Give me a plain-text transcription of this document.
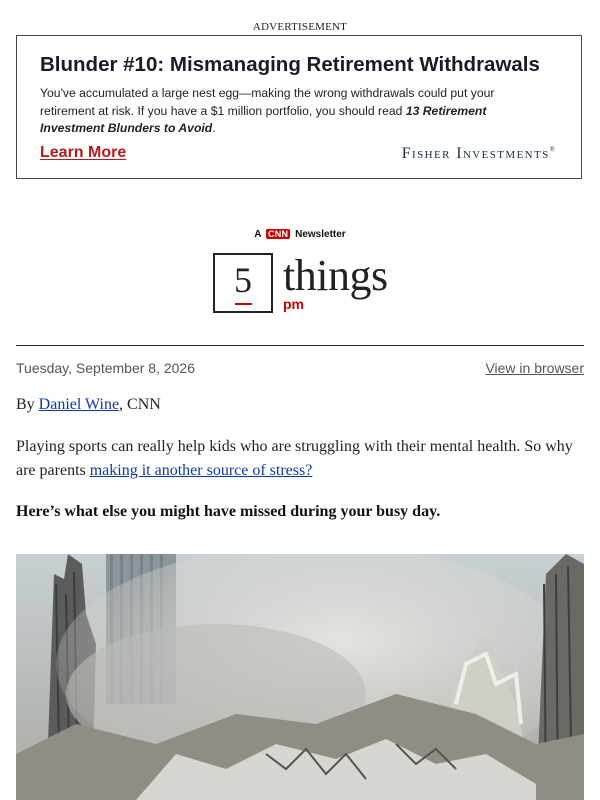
ADVERTISEMENT
Blunder #10: Mismanaging Retirement Withdrawals
You've accumulated a large nest egg—making the wrong withdrawals could put your retirement at risk. If you have a $1 million portfolio, you should read 13 Retirement Investment Blunders to Avoid.
Learn More	Fisher Investments®
A CNN Newsletter
5 things
pm
Tuesday, September 8, 2026	View in browser
By Daniel Wine, CNN
Playing sports can really help kids who are struggling with their mental health. So why are parents making it another source of stress?
Here’s what else you might have missed during your busy day.
